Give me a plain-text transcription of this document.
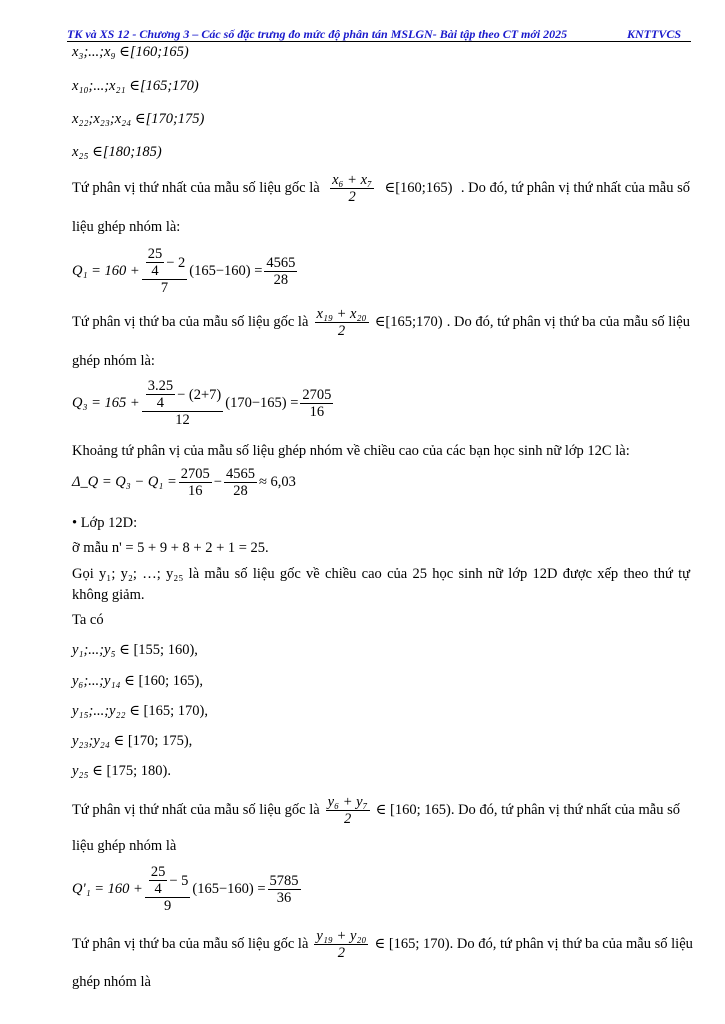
TK và XS 12 - Chương 3 – Các số đặc trưng đo mức độ phân tán MSLGN- Bài tập theo CT mới 2025	KNTTVCS
x₃;...;x₉ ∈[160;165)
x₁₀;...;x₂₁ ∈[165;170)
x₂₂;x₂₃;x₂₄ ∈[170;175)
x₂₅ ∈[180;185)
Tứ phân vị thứ nhất của mẫu số liệu gốc là x₆ + x₇
2
∈[160;165) . Do đó, tứ phân vị thứ nhất của mẫu số
liệu ghép nhóm là:
Q₁ = 160 + 25
4
− 2
7 $(165-160) = \frac{4565}{28}$
Tứ phân vị thứ ba của mẫu số liệu gốc là x₁₉ + x₂₀
2
∈[165;170) . Do đó, tứ phân vị thứ ba của mẫu số liệu
ghép nhóm là:
Q₃ = 165 + 3.25
4
− (2+7)
12 $(170-165) = \frac{2705}{16}$
Khoảng tứ phân vị của mẫu số liệu ghép nhóm về chiều cao của các bạn học sinh nữ lớp 12C là:
Δ_Q = $Q_3 - Q_1 = \frac{2705}{16} - \frac{4565}{28} \approx 6,03$
• Lớp 12D:
ỡ mẫu n' = 5 + 9 + 8 + 2 + 1 = 25.
Gọi y₁; y₂; …; y₂₅ là mẫu số liệu gốc về chiều cao của 25 học sinh nữ lớp 12D được xếp theo thứ tự không giảm.
Ta có
y₁;...;y₅ ∈ [155; 160),
y₆;...;y₁₄ ∈ [160; 165),
y₁₅;...;y₂₂ ∈ [165; 170),
y₂₃;y₂₄ ∈ [170; 175),
y₂₅ ∈ [175; 180).
Tứ phân vị thứ nhất của mẫu số liệu gốc là y₆ + y₇
2
∈ [160; 165). Do đó, tứ phân vị thứ nhất của mẫu số
liệu ghép nhóm là
Q'₁ = 160 + 25
4
− 5
9 $(165-160) = \frac{5785}{36}$
Tứ phân vị thứ ba của mẫu số liệu gốc là y₁₉ + y₂₀
2
∈ [165; 170). Do đó, tứ phân vị thứ ba của mẫu số liệu
ghép nhóm là
